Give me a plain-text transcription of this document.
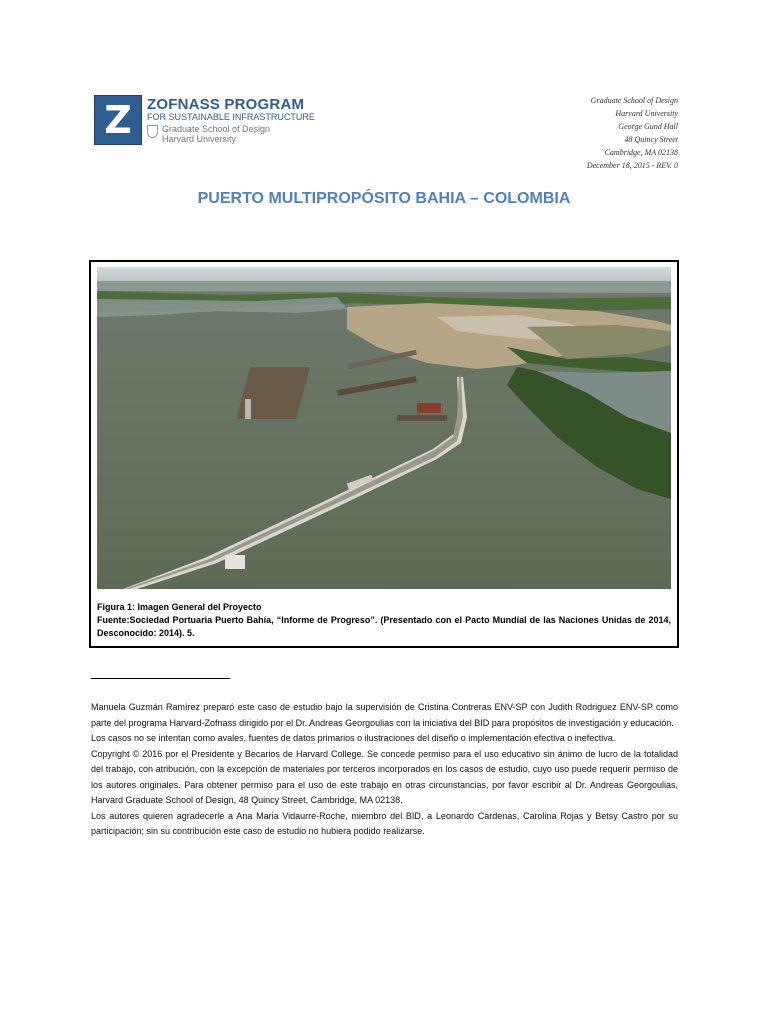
Z	ZOFNASS PROGRAM
FOR SUSTAINABLE INFRASTRUCTURE
Graduate School of Design
Harvard University
Graduate School of Design
Harvard University
George Gund Hall
48 Quincy Street
Cambridge, MA 02138
December 18, 2015 - REV. 0
PUERTO MULTIPROPÓSITO BAHIA – COLOMBIA
Figura 1: Imagen General del Proyecto
Fuente:Sociedad Portuaria Puerto Bahía, “Informe de Progreso”. (Presentado con el Pacto Mundial de las Naciones Unidas de 2014,
Desconocido: 2014). 5.

Manuela Guzmán Ramírez preparó este caso de estudio bajo la supervisión de Cristina Contreras ENV-SP con Judith Rodriguez ENV-SP como parte del programa Harvard-Zofnass dirigido por el Dr. Andreas Georgoulias con la iniciativa del BID para propósitos de investigación y educación.

Los casos no se intentan como avales, fuentes de datos primarios o ilustraciones del diseño o implementación efectiva o inefectiva.

Copyright © 2016 por el Presidente y Becarios de Harvard College. Se concede permiso para el uso educativo sin ánimo de lucro de la totalidad del trabajo, con atribución, con la excepción de materiales por terceros incorporados en los casos de estudio, cuyo uso puede requerir permiso de los autores originales. Para obtener permiso para el uso de este trabajo en otras circunstancias, por favor escribir al Dr. Andreas Georgoulias, Harvard Graduate School of Design, 48 Quincy Street, Cambridge, MA 02138.

Los autores quieren agradecerle a Ana Maria Vidaurre-Roche, miembro del BID, a Leonardo Cardenas, Carolina Rojas y Betsy Castro por su participación; sin su contribución este caso de estudio no hubiera podido realizarse.
